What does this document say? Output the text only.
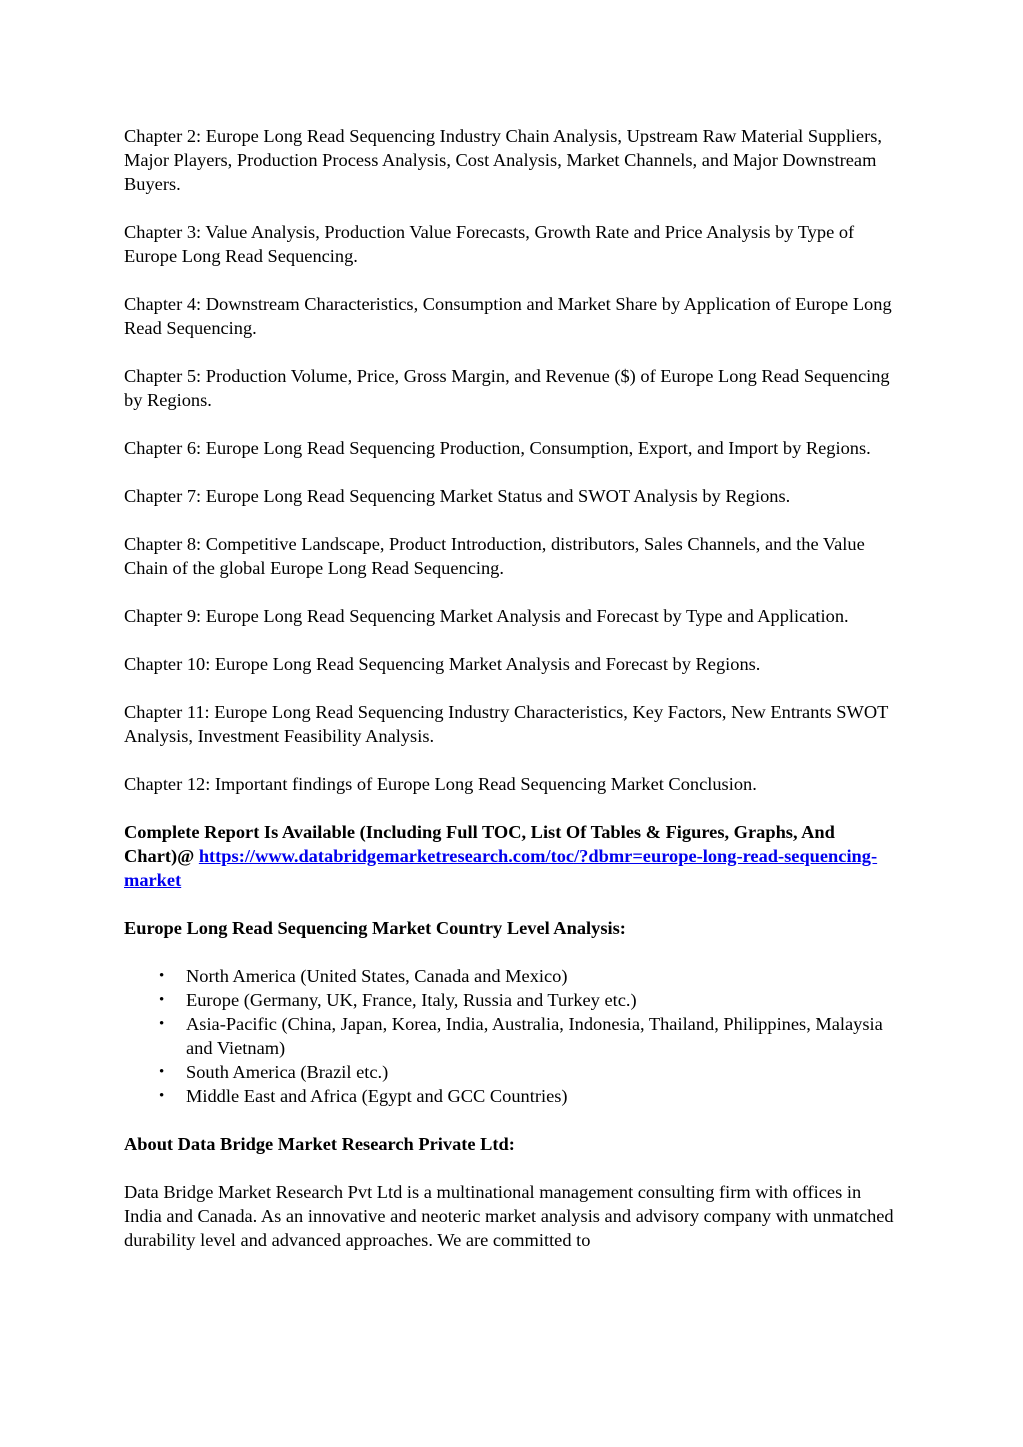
Chapter 2: Europe Long Read Sequencing Industry Chain Analysis, Upstream Raw Material Suppliers, Major Players, Production Process Analysis, Cost Analysis, Market Channels, and Major Downstream Buyers.

Chapter 3: Value Analysis, Production Value Forecasts, Growth Rate and Price Analysis by Type of Europe Long Read Sequencing.

Chapter 4: Downstream Characteristics, Consumption and Market Share by Application of Europe Long Read Sequencing.

Chapter 5: Production Volume, Price, Gross Margin, and Revenue ($) of Europe Long Read Sequencing by Regions.

Chapter 6: Europe Long Read Sequencing Production, Consumption, Export, and Import by Regions.

Chapter 7: Europe Long Read Sequencing Market Status and SWOT Analysis by Regions.

Chapter 8: Competitive Landscape, Product Introduction, distributors, Sales Channels, and the Value Chain of the global Europe Long Read Sequencing.

Chapter 9: Europe Long Read Sequencing Market Analysis and Forecast by Type and Application.

Chapter 10: Europe Long Read Sequencing Market Analysis and Forecast by Regions.

Chapter 11: Europe Long Read Sequencing Industry Characteristics, Key Factors, New Entrants SWOT Analysis, Investment Feasibility Analysis.

Chapter 12: Important findings of Europe Long Read Sequencing Market Conclusion.

Complete Report Is Available (Including Full TOC, List Of Tables & Figures, Graphs, And Chart)@ https://www.databridgemarketresearch.com/toc/?dbmr=europe-long-read-sequencing-market

Europe Long Read Sequencing Market Country Level Analysis:

• North America (United States, Canada and Mexico)
• Europe (Germany, UK, France, Italy, Russia and Turkey etc.)
• Asia-Pacific (China, Japan, Korea, India, Australia, Indonesia, Thailand, Philippines, Malaysia and Vietnam)
• South America (Brazil etc.)
• Middle East and Africa (Egypt and GCC Countries)

About Data Bridge Market Research Private Ltd:

Data Bridge Market Research Pvt Ltd is a multinational management consulting firm with offices in India and Canada. As an innovative and neoteric market analysis and advisory company with unmatched durability level and advanced approaches. We are committed to
